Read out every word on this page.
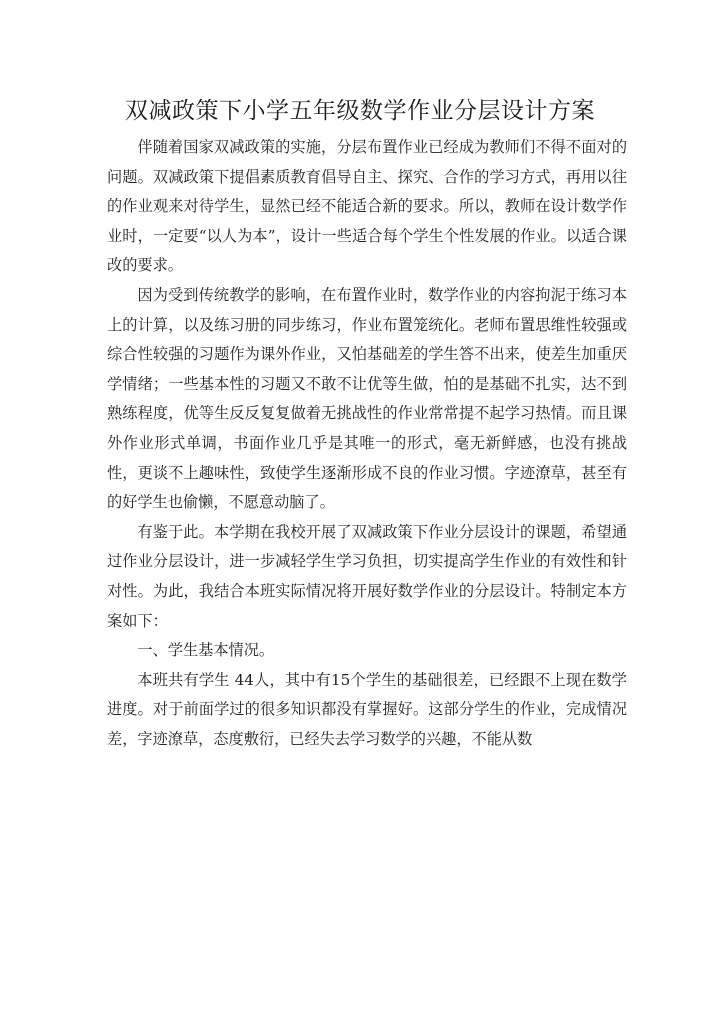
双减政策下小学五年级数学作业分层设计方案

伴随着国家双减政策的实施，分层布置作业已经成为教师们不得不面对的问题。双减政策下提倡素质教育倡导自主、探究、合作的学习方式，再用以往的作业观来对待学生，显然已经不能适合新的要求。所以，教师在设计数学作业时，一定要“以人为本”，设计一些适合每个学生个性发展的作业。以适合课改的要求。

因为受到传统教学的影响，在布置作业时，数学作业的内容拘泥于练习本上的计算，以及练习册的同步练习，作业布置笼统化。老师布置思维性较强或综合性较强的习题作为课外作业，又怕基础差的学生答不出来，使差生加重厌学情绪；一些基本性的习题又不敢不让优等生做，怕的是基础不扎实，达不到熟练程度，优等生反反复复做着无挑战性的作业常常提不起学习热情。而且课外作业形式单调，书面作业几乎是其唯一的形式，毫无新鲜感，也没有挑战性，更谈不上趣味性，致使学生逐渐形成不良的作业习惯。字迹潦草，甚至有的好学生也偷懒，不愿意动脑了。

有鉴于此。本学期在我校开展了双减政策下作业分层设计的课题，希望通过作业分层设计，进一步减轻学生学习负担，切实提高学生作业的有效性和针对性。为此，我结合本班实际情况将开展好数学作业的分层设计。特制定本方案如下：

一、学生基本情况。

本班共有学生 44人，其中有15个学生的基础很差，已经跟不上现在数学进度。对于前面学过的很多知识都没有掌握好。这部分学生的作业，完成情况差，字迹潦草，态度敷衍，已经失去学习数学的兴趣，不能从数
